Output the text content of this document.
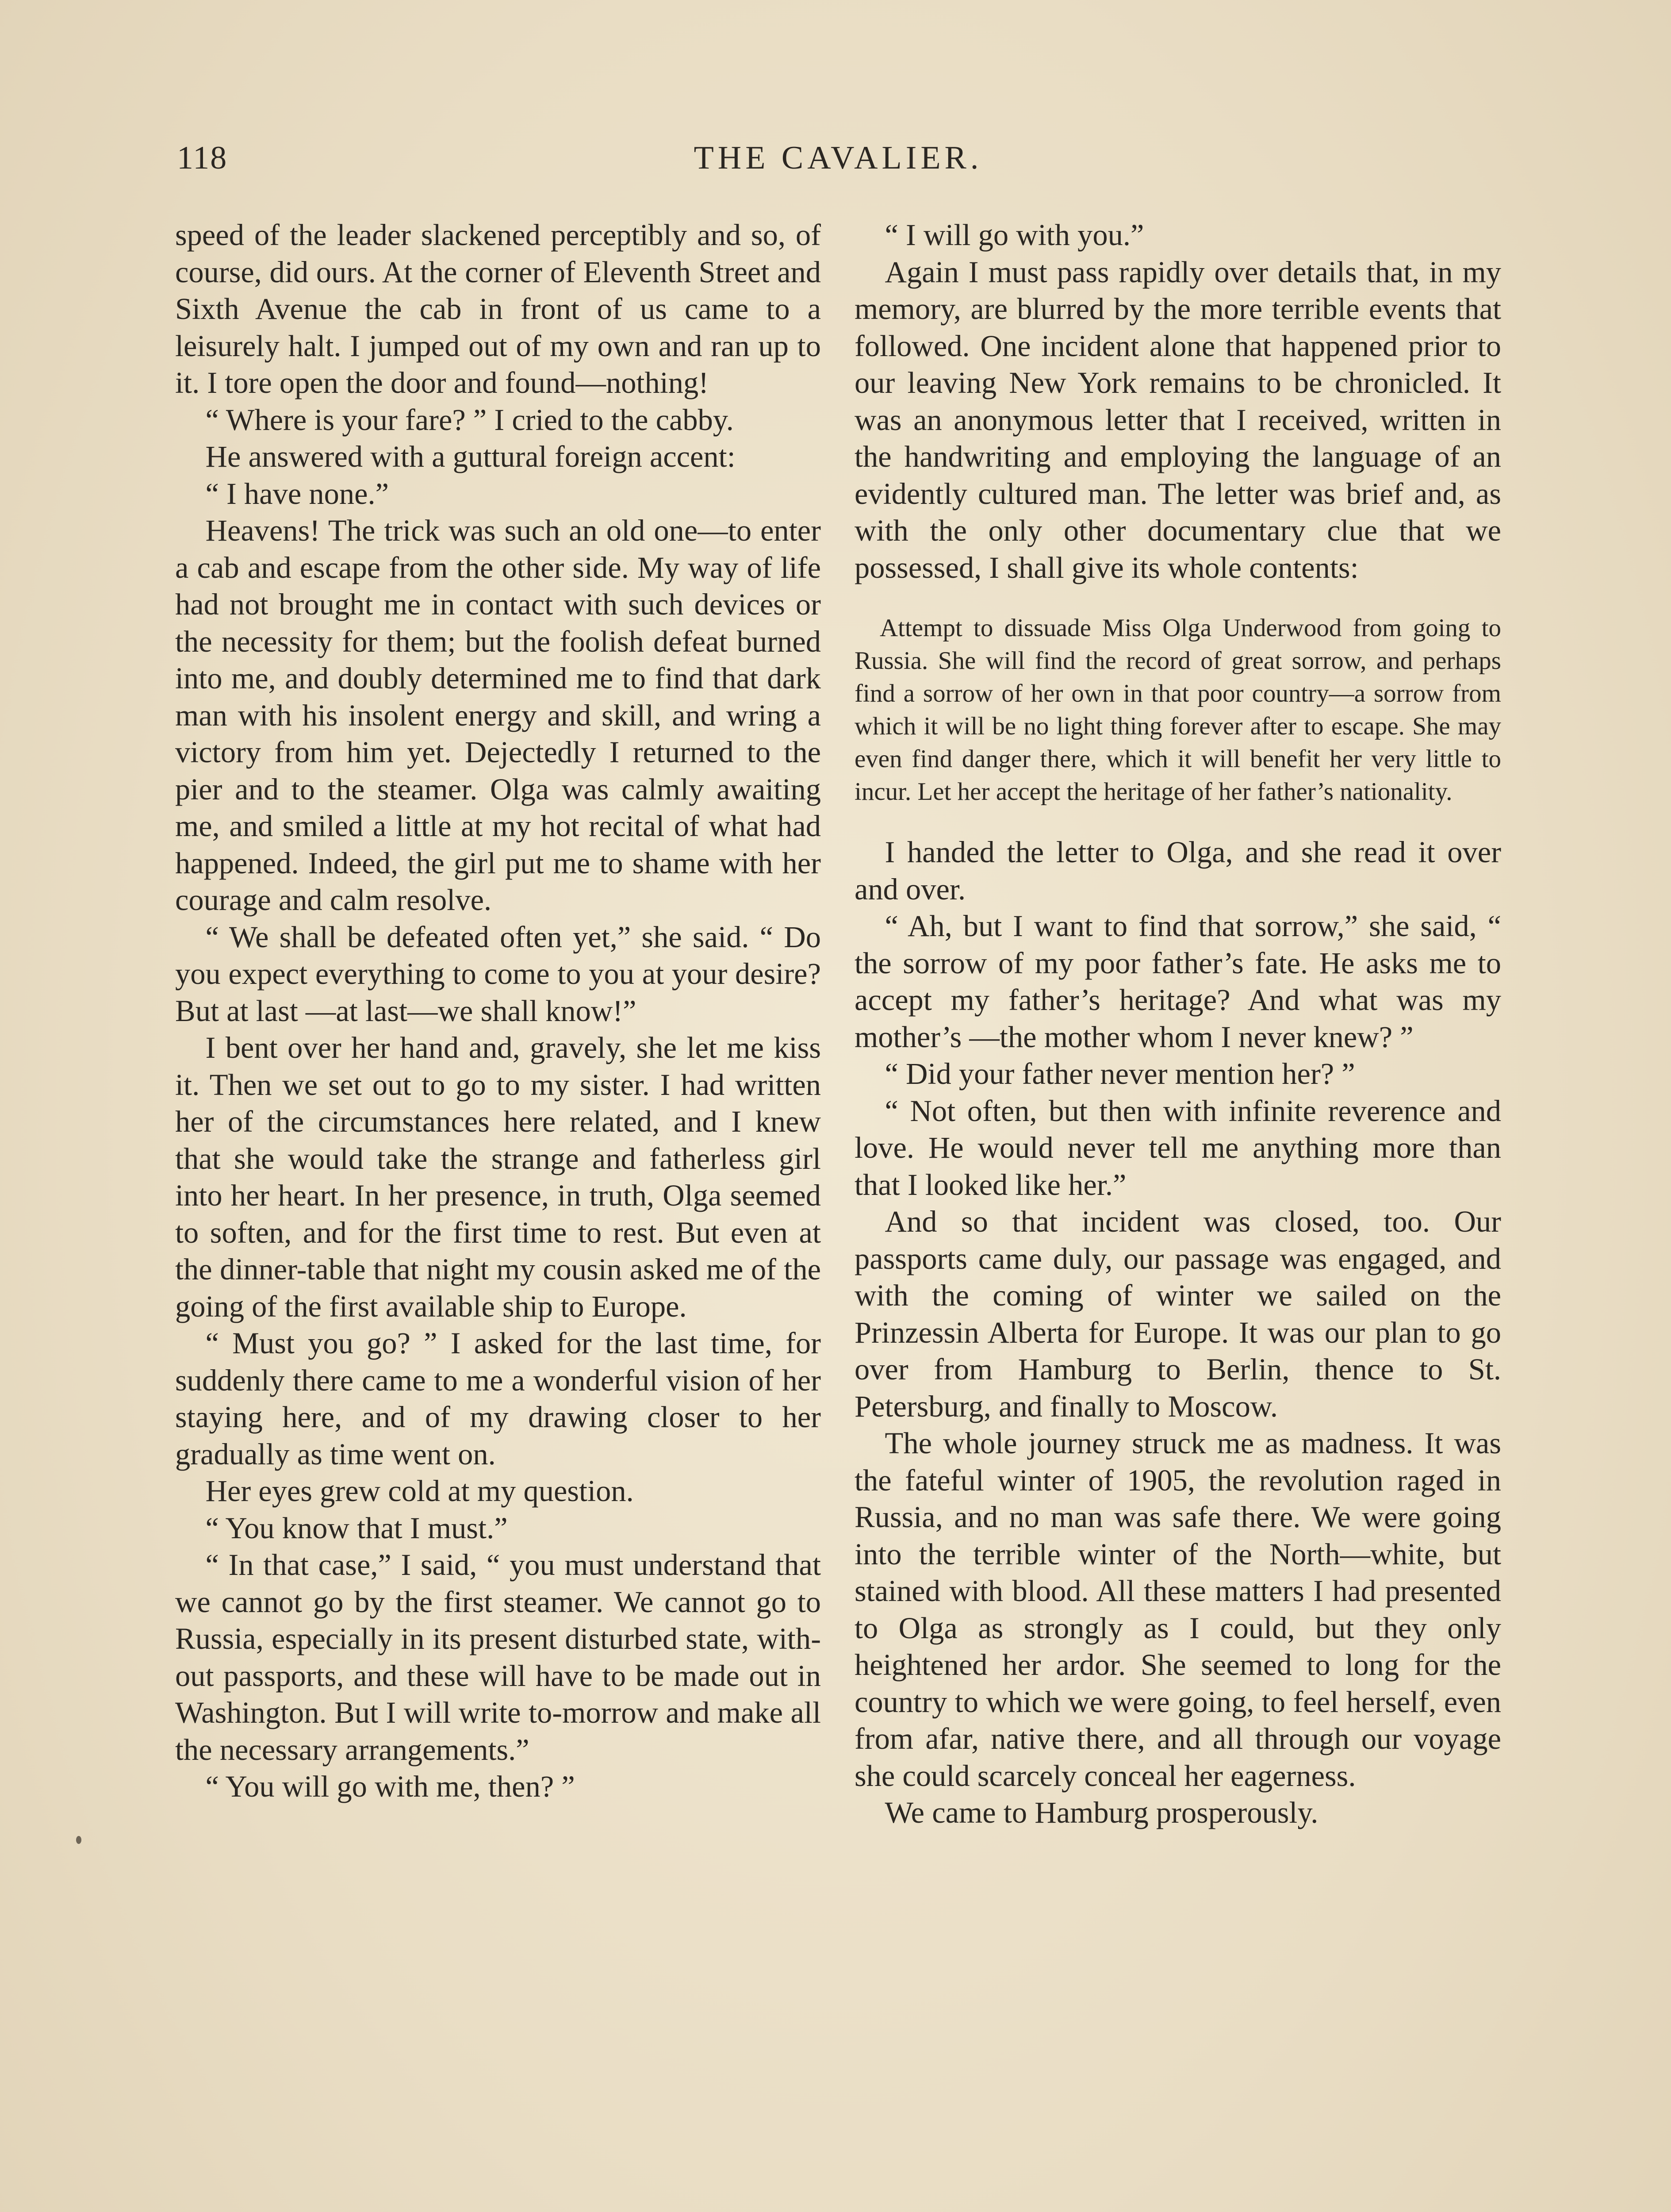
118	THE CAVALIER.

speed of the leader slackened perceptibly and so, of course, did ours. At the corner of Eleventh Street and Sixth Avenue the cab in front of us came to a leisurely halt. I jumped out of my own and ran up to it. I tore open the door and found—nothing!

“ Where is your fare? ” I cried to the cabby.

He answered with a guttural foreign accent:

“ I have none.”

Heavens! The trick was such an old one—to enter a cab and escape from the other side. My way of life had not brought me in contact with such devices or the necessity for them; but the foolish defeat burned into me, and doubly determined me to find that dark man with his insolent energy and skill, and wring a victory from him yet. Dejectedly I returned to the pier and to the steamer. Olga was calmly awaiting me, and smiled a little at my hot recital of what had happened. Indeed, the girl put me to shame with her courage and calm resolve.

“ We shall be defeated often yet,” she said. “ Do you expect everything to come to you at your desire? But at last —at last—we shall know!”

I bent over her hand and, gravely, she let me kiss it. Then we set out to go to my sister. I had written her of the circumstances here related, and I knew that she would take the strange and fatherless girl into her heart. In her presence, in truth, Olga seemed to soften, and for the first time to rest. But even at the dinner-table that night my cousin asked me of the going of the first available ship to Europe.

“ Must you go? ” I asked for the last time, for suddenly there came to me a wonderful vision of her staying here, and of my drawing closer to her gradually as time went on.

Her eyes grew cold at my question.

“ You know that I must.”

“ In that case,” I said, “ you must understand that we cannot go by the first steamer. We cannot go to Russia, especially in its present disturbed state, without passports, and these will have to be made out in Washington. But I will write to-morrow and make all the necessary arrangements.”

“ You will go with me, then? ”

“ I will go with you.”

Again I must pass rapidly over details that, in my memory, are blurred by the more terrible events that followed. One incident alone that happened prior to our leaving New York remains to be chronicled. It was an anonymous letter that I received, written in the handwriting and employing the language of an evidently cultured man. The letter was brief and, as with the only other documentary clue that we possessed, I shall give its whole contents:

Attempt to dissuade Miss Olga Underwood from going to Russia. She will find the record of great sorrow, and perhaps find a sorrow of her own in that poor country—a sorrow from which it will be no light thing forever after to escape. She may even find danger there, which it will benefit her very little to incur. Let her accept the heritage of her father’s nationality.

I handed the letter to Olga, and she read it over and over.

“ Ah, but I want to find that sorrow,” she said, “ the sorrow of my poor father’s fate. He asks me to accept my father’s heritage? And what was my mother’s —the mother whom I never knew? ”

“ Did your father never mention her? ”

“ Not often, but then with infinite reverence and love. He would never tell me anything more than that I looked like her.”

And so that incident was closed, too. Our passports came duly, our passage was engaged, and with the coming of winter we sailed on the Prinzessin Alberta for Europe. It was our plan to go over from Hamburg to Berlin, thence to St. Petersburg, and finally to Moscow.

The whole journey struck me as madness. It was the fateful winter of 1905, the revolution raged in Russia, and no man was safe there. We were going into the terrible winter of the North—white, but stained with blood. All these matters I had presented to Olga as strongly as I could, but they only heightened her ardor. She seemed to long for the country to which we were going, to feel herself, even from afar, native there, and all through our voyage she could scarcely conceal her eagerness.

We came to Hamburg prosperously.
